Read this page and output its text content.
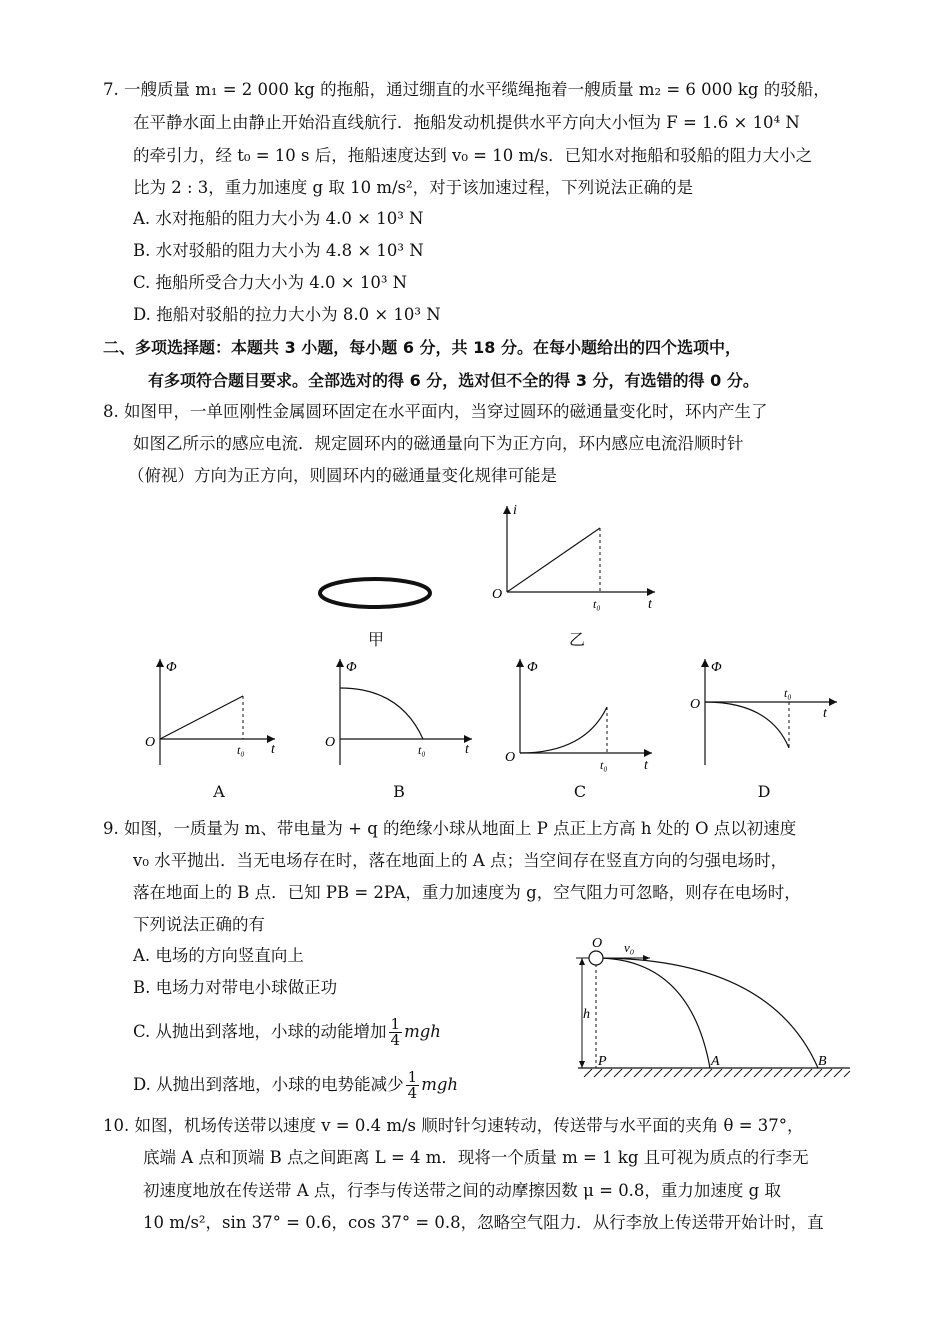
7. 一艘质量 m₁ = 2 000 kg 的拖船，通过绷直的水平缆绳拖着一艘质量 m₂ = 6 000 kg 的驳船，
在平静水面上由静止开始沿直线航行．拖船发动机提供水平方向大小恒为 F = 1.6 × 10⁴ N
的牵引力，经 t₀ = 10 s 后，拖船速度达到 v₀ = 10 m/s．已知水对拖船和驳船的阻力大小之
比为 2 : 3，重力加速度 g 取 10 m/s²，对于该加速过程，下列说法正确的是
A. 水对拖船的阻力大小为 4.0 × 10³ N
B. 水对驳船的阻力大小为 4.8 × 10³ N
C. 拖船所受合力大小为 4.0 × 10³ N
D. 拖船对驳船的拉力大小为 8.0 × 10³ N
二、多项选择题：本题共 3 小题，每小题 6 分，共 18 分。在每小题给出的四个选项中，
有多项符合题目要求。全部选对的得 6 分，选对但不全的得 3 分，有选错的得 0 分。
8. 如图甲，一单匝刚性金属圆环固定在水平面内，当穿过圆环的磁通量变化时，环内产生了
如图乙所示的感应电流．规定圆环内的磁通量向下为正方向，环内感应电流沿顺时针
（俯视）方向为正方向，则圆环内的磁通量变化规律可能是
甲
i
O
t₀	t
乙
Φ
O	t₀ t
A
Φ
O	t₀	t
B
Φ
O	t₀	t
C
Φ
O
t₀
t
D
9. 如图，一质量为 m、带电量为 + q 的绝缘小球从地面上 P 点正上方高 h 处的 O 点以初速度
v₀ 水平抛出．当无电场存在时，落在地面上的 A 点；当空间存在竖直方向的匀强电场时，
落在地面上的 B 点．已知 PB = 2PA，重力加速度为 g，空气阻力可忽略，则存在电场时，
下列说法正确的有
A. 电场的方向竖直向上
B. 电场力对带电小球做正功
C. 从抛出到落地，小球的动能增加 $\frac{1}{4}$ mgh
D. 从抛出到落地，小球的电势能减少 $\frac{1}{4}$ mgh
O v₀
h
P	A	B
10. 如图，机场传送带以速度 v = 0.4 m/s 顺时针匀速转动，传送带与水平面的夹角 θ = 37°，
底端 A 点和顶端 B 点之间距离 L = 4 m．现将一个质量 m = 1 kg 且可视为质点的行李无
初速度地放在传送带 A 点，行李与传送带之间的动摩擦因数 μ = 0.8，重力加速度 g 取
10 m/s²，sin 37° = 0.6，cos 37° = 0.8，忽略空气阻力．从行李放上传送带开始计时，直
